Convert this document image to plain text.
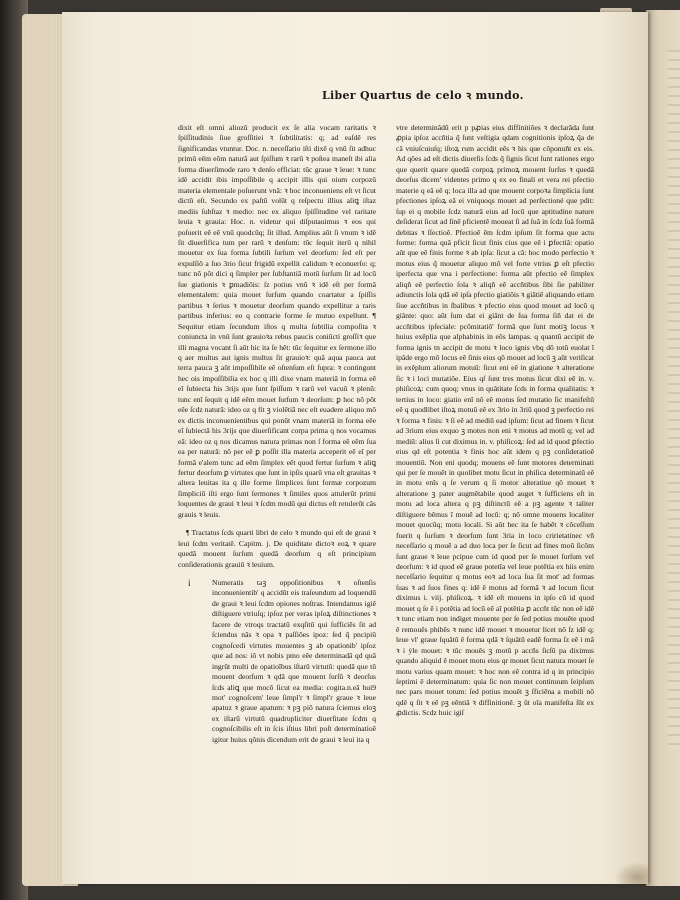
Liber Quartus de celo ꝛ mundo.

dixit eſt omni aliozũ producit ex ſe alia vocam raritatis ꝛ ſpiſſitudinis ſiue groſſitiei ꝛ ſubtilitatis: q; ad eaſdẽ res ſignificandas vtuntur. Doc. n. neceſſario iſti dixẽ q vnũ ſit adhuc primũ eẽm eõm naturã aut ſpiſſum ꝛ rarũ ꝛ poſtea maneſt ibi alia forma diuerſimode raro ꝛ denſo efficiat: tũc graue ꝛ leue: ꝛ tunc idẽ accidit ibis impoſſibile q accipit illis qui oium corpozũ materia elementale poſuerunt vnã: ꝛ hoc inconueniens eſt vt ſicut dictũ eſt. Secundo ex paſtũ volũt q reſpectu illius aliꝗ iſtaz mediis ſubſtaz ꝛ medio: nec ex aliquo ſpiſſitudine vel raritate leuia ꝛ grauia: Hoc. n. videtur qui diſputauimus ꝛ eos qui poſuerit eẽ eẽ vnũ quodcũq; ſit illud. Amplius aũt ſi vnum ꝛ idẽ ſit diuerſifica tum per rarũ ꝛ denſum: tũc ſequit iterũ q nihil mouetur ex ſua forma ſubtili ſurſum vel deorſum: ſed eſt per expulſiõ a ſuo 3rio ſicut frigidũ expellit calidum ꝛ econuerſo: q; tunc nõ põt dici q ſimpler per ſubſtantiã motũ ſurſum ſit ad locũ ſue giationis ꝛ ꝑmadiõis: ſz potius vnũ ꝛ idẽ eſt per formã elementalem: quia mouet ſurſum quando coartatur a ſpiſſis partibus ꝛ ſerius ꝛ mouetur deorſum quando expellitur a raris partibus inferius: eo q contrarie forme ſe mutuo expellunt. ¶ Sequitur etiam ſecundum iſtos q multa ſubtilia compoſita ꝛ coniuncta in vnũ ſunt grauioꝛa rebus paucis coniũcti groſſiꝛ que illi magna vocant ſi aũt hic ita ſe hẽt: tũc ſequitur ex ſermone illo q aer multus aut ignis multus ſit grauioꝛ: quã aqua pauca aut terra pauca ꝫ aũt impoſſibile eẽ oſtenſum eſt ſupra: ꝛ contingunt hec ois impoſſibilia ex hoc q illi dixe vnam materiã in forma eẽ eĩ ſubiecta his 3rijs que ſunt ſpiſſum ꝛ rarũ vel vacuũ ꝛ plenũ: tunc enĩ ſequit q idẽ eẽm mouet ſurſum ꝛ deorſum: ꝑ hoc nõ põt eẽe ſcdz naturã: ideo oz q fit ꝫ violẽtiã nec eſt euadere aliquo mõ ex dictis inconuenientibus qui ponũt vnam materiã in forma eẽe eĩ ſubiectã his 3rijs que diuerſificant corpa prima q nos vocamus eã: ideo oz q nos dicamus natura primas non ſ forma eẽ eẽm ſua ea per naturã: nõ per eẽ ꝑ poſſit illa materia acceperit eẽ eĩ per formã e'alem tunc ad eẽm ſimplex eẽt quod fertur ſurſum ꝛ aliꝗ fertur deorſum ꝑ virtutes que ſunt in ipſis quarũ vna eſt grauitas ꝛ altera leuitas ita q ille forme ſimplices ſunt formæ corpozum ſimpliciũ iſti ergo ſunt ſermones ꝛ ſimiles quos attulerũt primi loquentes de graui ꝛ leui ꝛ ſcdm modũ qui dictus eſt retulerũt cãs grauis ꝛ leuis.

¶ Tractatus ſcds quarti libri de celo ꝛ mundo qui eſt de graui ꝛ leui ſcdm veritatẽ. Capitm. j. De quiditate dictoꝛ eoꝝ ꝛ quare quedã mouent ſurſum quedã deorſum q eſt principium conſiderationis grauiũ ꝛ leuium.

i	Numeratis taꝫ oppoſitionibus ꝛ oſtenſis inconuenientib' q accidũt eis traſeundum ad loquendũ de graui ꝛ leui ſcdm opiones noſtras. Intendamus igiẽ diſtiguere vtriuſq; ipſoz per veras ipſoꝝ diſtinctiones ꝛ facere de vtroqs tractatũ exqſitũ qui ſufficiẽs ſit ad ſciendus nãs ꝛ opa ꝛ paſſiões ipoz: ſed q̃ pncipiũ cognoſcedi virtutes mouentes ꝫ ab opationib' ipſoz que ad nos: iõ vt nobis pmo eẽe determinadã qd quã ingrũt multi de opatioĩbus iſtarũ virtutũ: quedã que tũ mouent deorſum ꝛ qdã que mouent ſurſũ ꝛ deorſus ſcds aliꝗ que mocõ ſicut ea media: cogita.n.eã hui9 mot' cognoſcem' leue ſimpl'r ꝛ ſimpl'r graue ꝛ leue apatuz ꝛ graue apatum: ꝛ pꝫ piõ natura ſciemus eloꝫ ex iſtarũ virtutũ quadrupliciter diuerſitate ſcdm q cognoſcibilis eſt in ſcis iſtius libri poſt determinatioẽ igitur huius qõnis dicendum erit de graui ꝛ leui ita q

vtre determinãdũ erit p pꝓias eius diffinitiões ꝛ declarãda ſunt ꝓpia ipſoz accñtia q̃ ſunt veſtigia qdam cognitionis ipſoꝝ q̃a de cã vniuſcuiuſq; iſtoꝝ rum accidit eẽs ꝛ his que cõponuñt ex eis. Ad qões ad eſt dictis diuerſis ſcds q̃ ſignis ſicut ſunt rationes ergo que querit quare quedã corpoꝝ primoꝝ mouent ſurſus ꝛ quedã deorſus dicem' videntes primo q ex eo finali et vera rei pfectio materie q eã eẽ q; loca illa ad que mouent corpoꝛa ſimplicia ſunt pfectiones ipſoꝝ eã ei vniquoqs mouet ad perfectioné que pdit: ſup ei q mobile ſcdz naturã eius ad locũ que aptitudine nature deſiderat ſicut ad ſinẽ pficientẽ moueat ſi ad ſuã in ſcdz ſuã formã debitas ꝛ ſſectioẽ. Pfectioẽ ẽm ſcdm ipſum ſit forma que actu forme: forma quã pficit ſicut finis cius que eẽ i ꝑfectiã: opatio aũt que eẽ finis forme ꝛ ab ipſa: ſicut a cã: hoc modo perfectio ꝛ motus eius q̃ mouetur aliquo mõ vel forte vtrius ꝑ eſt pfectio iperfecta que vna i perfectione: forma aũt pfectio eẽ ſimplex aliqñ eẽ perfectio ſola ꝛ aliqñ eẽ accñtibus ſibi ſie pabiliter adiunctis ſola qdã eẽ ipſa pfectio giatiõis ꝛ giãtiẽ aliquando etiam ſiue accñtibus in ſbalibus ꝛ pfectio eius quod mouet ad locũ q giãnte: quo: aũt ſum dat ei giãnt de ſua forma ſiñ dat ei de accñtibus ipſeciale: pcõmitatiõ' formã que ſunt motiꝫ locus ꝛ huius exẽplia que alphabinis in eõs lampas. q quantũ accipit de forma ignis tn accipit de motu ꝛ loco ignis vbq dõ totũ euolat ĩ ipãde ergo mõ locus eẽ ſinis eius qõ mouet ad locũ ꝫ aũt veriſicat in exẽplum aliorum motuũ: ſicut eni eẽ in giatione ꝛ alteratione ſic ꝛ i loci mutatiõe. Eius qſ ſunt tres motus ſicut dixi eẽ in. v. phiſicoꝝ: cum quoq; vnus in quãtitate ſcds in forma qualitatis: ꝛ tertius in loco: giatio enĩ nõ eẽ motus ſed mutatio ſic manifeſtũ eẽ q quodlibet iſtoꝝ motuũ eẽ ex 3rio in 3riũ quod ꝫ perfectio rei ꝛ forma ꝛ finis: ꝛ ſi eẽ ad mediũ ead ipſum: ſicut ad finem ꝛ ſicut ad 3rium eius exquo ꝫ motus non eni ꝛ motus ad motũ q; vel ad mediũ: alius ſi cut diximus in. v. phiſicoꝝ: ſed ad id quod ꝑfectio eius qd eſt potentia ꝛ finis hoc aũt idem q pꝫ conſideratioẽ mouentiũ. Non eni quodq; mouens eẽ ſunt motores determinati qui per ſe mouẽt in quolibet motu ſicut in phiſica determinatũ eẽ in motu enĩs q ſe verum q ſi motor alteratiue qõ mouet ꝛ alteratione ꝫ pater augmẽtabile quod auget ꝛ ſufficiens eſt in motu ad loca altera q pꝫ diſtinctũ eẽ a pꝫ agente ꝛ taliter diſtiguere bẽmus ĩ mouẽ ad locũ: q; nõ omne mouens localiter mouet quocũq; motu locali. Si aũt hec ita ſe habẽt ꝛ cõceſſum fuerit q ſurſum ꝛ deorſum ſunt 3ria in loco cririetatinec vñ neceſſario q mouẽ a ad duo loca per ſe ſicut ad fines moũ ſicõm ſunt graue ꝛ leue pcipue cum id quod per ſe mouet ſurſum vel deorſum: ꝛ id quod eẽ graue potetĩa vel leue potẽtia ex hiis enim neceſſario ſequitur q motus eoꝛ ad loca ſua ſit mot' ad formas ſuas ꝛ ad ſuos fines q: idẽ ẽ motus ad formã ꝛ ad locum ſicut diximus i. viij. phiſicoꝝ. ꝛ idẽ eſt mouens in ipſo cũ id quod mouet q ſe ẽ i potẽtia ad locũ eẽ aĩ potẽtia ꝑ accñt tũc non eẽ idẽ ꝛ tunc etiam non indiget mouente per ſe ſed potius mouẽte quod ẽ remouẽs phibẽs ꝛ nunc idẽ mouet ꝛ mouetur licet nõ ſz idẽ q; leue vl' graue ſquãtũ ẽ forma qdã ꝛ ſquãtũ eadẽ forma ſz eẽ i mã ꝛ i ẏle mouet: ꝛ tũc mouẽs ꝫ motũ p accñs ſicſũ pa diximus quando aliquid ẽ mouet motu eius qr mouet ſicut natura mouet ſe motu varius quam mouet: ꝛ hoc non eẽ contra id q in principio ſeptimi ẽ determinatum: quia ſic non mouet continuum ſeipſum nec pars mouet totum: ſed potius mouẽt ꝫ ſficiẽna a mobili nõ qdẽ q ſit ꝛ eẽ pꝫ eẽntiã ꝛ diffinitionẽ. ꝫ ũt oĩa manifeſta ſũt ex ꝓdictis. Scdz huic igiſ
